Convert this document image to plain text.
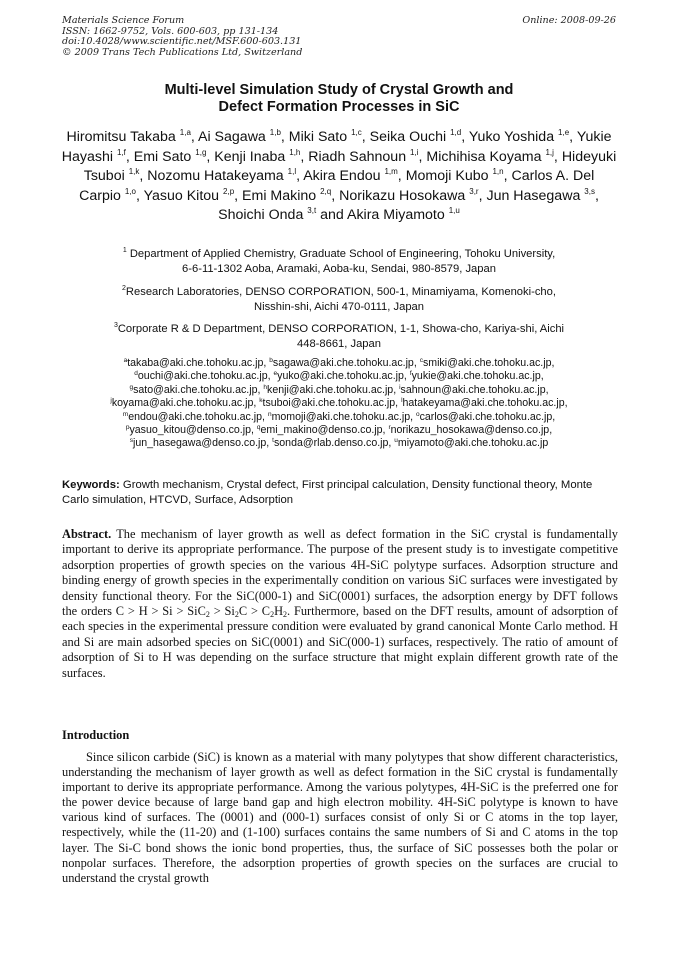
Materials Science Forum
ISSN: 1662-9752, Vols. 600-603, pp 131-134
doi:10.4028/www.scientific.net/MSF.600-603.131
© 2009 Trans Tech Publications Ltd, Switzerland
Online: 2008-09-26
Multi-level Simulation Study of Crystal Growth and
Defect Formation Processes in SiC
Hiromitsu Takaba $^{1,a}$, Ai Sagawa $^{1,b}$, Miki Sato $^{1,c}$, Seika Ouchi $^{1,d}$, Yuko Yoshida $^{1,e}$, Yukie Hayashi $^{1,f}$, Emi Sato $^{1,g}$, Kenji Inaba $^{1,h}$, Riadh Sahnoun $^{1,i}$, Michihisa Koyama $^{1,j}$, Hideyuki Tsuboi $^{1,k}$, Nozomu Hatakeyama $^{1,l}$, Akira Endou $^{1,m}$, Momoji Kubo $^{1,n}$, Carlos A. Del Carpio $^{1,o}$, Yasuo Kitou $^{2,p}$, Emi Makino $^{2,q}$, Norikazu Hosokawa $^{3,r}$, Jun Hasegawa $^{3,s}$, Shoichi Onda $^{3,t}$ and Akira Miyamoto $^{1,u}$
$^1$ Department of Applied Chemistry, Graduate School of Engineering, Tohoku University,
6-6-11-1302 Aoba, Aramaki, Aoba-ku, Sendai, 980-8579, Japan
$^2$Research Laboratories, DENSO CORPORATION, 500-1, Minamiyama, Komenoki-cho,
Nisshin-shi, Aichi 470-0111, Japan
$^3$Corporate R & D Department, DENSO CORPORATION, 1-1, Showa-cho, Kariya-shi, Aichi
448-8661, Japan
$^a$takaba@aki.che.tohoku.ac.jp, $^b$sagawa@aki.che.tohoku.ac.jp, $^c$smiki@aki.che.tohoku.ac.jp,
$^d$ouchi@aki.che.tohoku.ac.jp, $^e$yuko@aki.che.tohoku.ac.jp, $^f$yukie@aki.che.tohoku.ac.jp,
$^g$sato@aki.che.tohoku.ac.jp, $^h$kenji@aki.che.tohoku.ac.jp, $^i$sahnoun@aki.che.tohoku.ac.jp,
$^j$koyama@aki.che.tohoku.ac.jp, $^k$tsuboi@aki.che.tohoku.ac.jp, $^l$hatakeyama@aki.che.tohoku.ac.jp,
$^m$endou@aki.che.tohoku.ac.jp, $^n$momoji@aki.che.tohoku.ac.jp, $^o$carlos@aki.che.tohoku.ac.jp,
$^p$yasuo_kitou@denso.co.jp, $^q$emi_makino@denso.co.jp, $^r$norikazu_hosokawa@denso.co.jp,
$^s$jun_hasegawa@denso.co.jp, $^t$sonda@rlab.denso.co.jp, $^u$miyamoto@aki.che.tohoku.ac.jp
Keywords: Growth mechanism, Crystal defect, First principal calculation, Density functional theory, Monte Carlo simulation, HTCVD, Surface, Adsorption
Abstract. The mechanism of layer growth as well as defect formation in the SiC crystal is fundamentally important to derive its appropriate performance. The purpose of the present study is to investigate competitive adsorption properties of growth species on the various 4H-SiC polytype surfaces. Adsorption structure and binding energy of growth species in the experimentally condition on various SiC surfaces were investigated by density functional theory. For the SiC(000-1) and SiC(0001) surfaces, the adsorption energy by DFT follows the orders $C > H > Si > SiC_2 > Si_2C > C_2H_2$. Furthermore, based on the DFT results, amount of adsorption of each species in the experimental pressure condition were evaluated by grand canonical Monte Carlo method. H and Si are main adsorbed species on SiC(0001) and SiC(000-1) surfaces, respectively. The ratio of amount of adsorption of Si to H was depending on the surface structure that might explain different growth rate of the surfaces.
Introduction
Since silicon carbide (SiC) is known as a material with many polytypes that show different characteristics, understanding the mechanism of layer growth as well as defect formation in the SiC crystal is fundamentally important to derive its appropriate performance. Among the various polytypes, 4H-SiC is the preferred one for the power device because of large band gap and high electron mobility. 4H-SiC polytype is known to have various kind of surfaces. The (0001) and (000-1) surfaces consist of only Si or C atoms in the top layer, respectively, while the (11-20) and (1-100) surfaces contains the same numbers of Si and C atoms in the top layer. The Si-C bond shows the ionic bond properties, thus, the surface of SiC possesses both the polar or nonpolar surfaces. Therefore, the adsorption properties of growth species on the surfaces are crucial to understand the crystal growth
